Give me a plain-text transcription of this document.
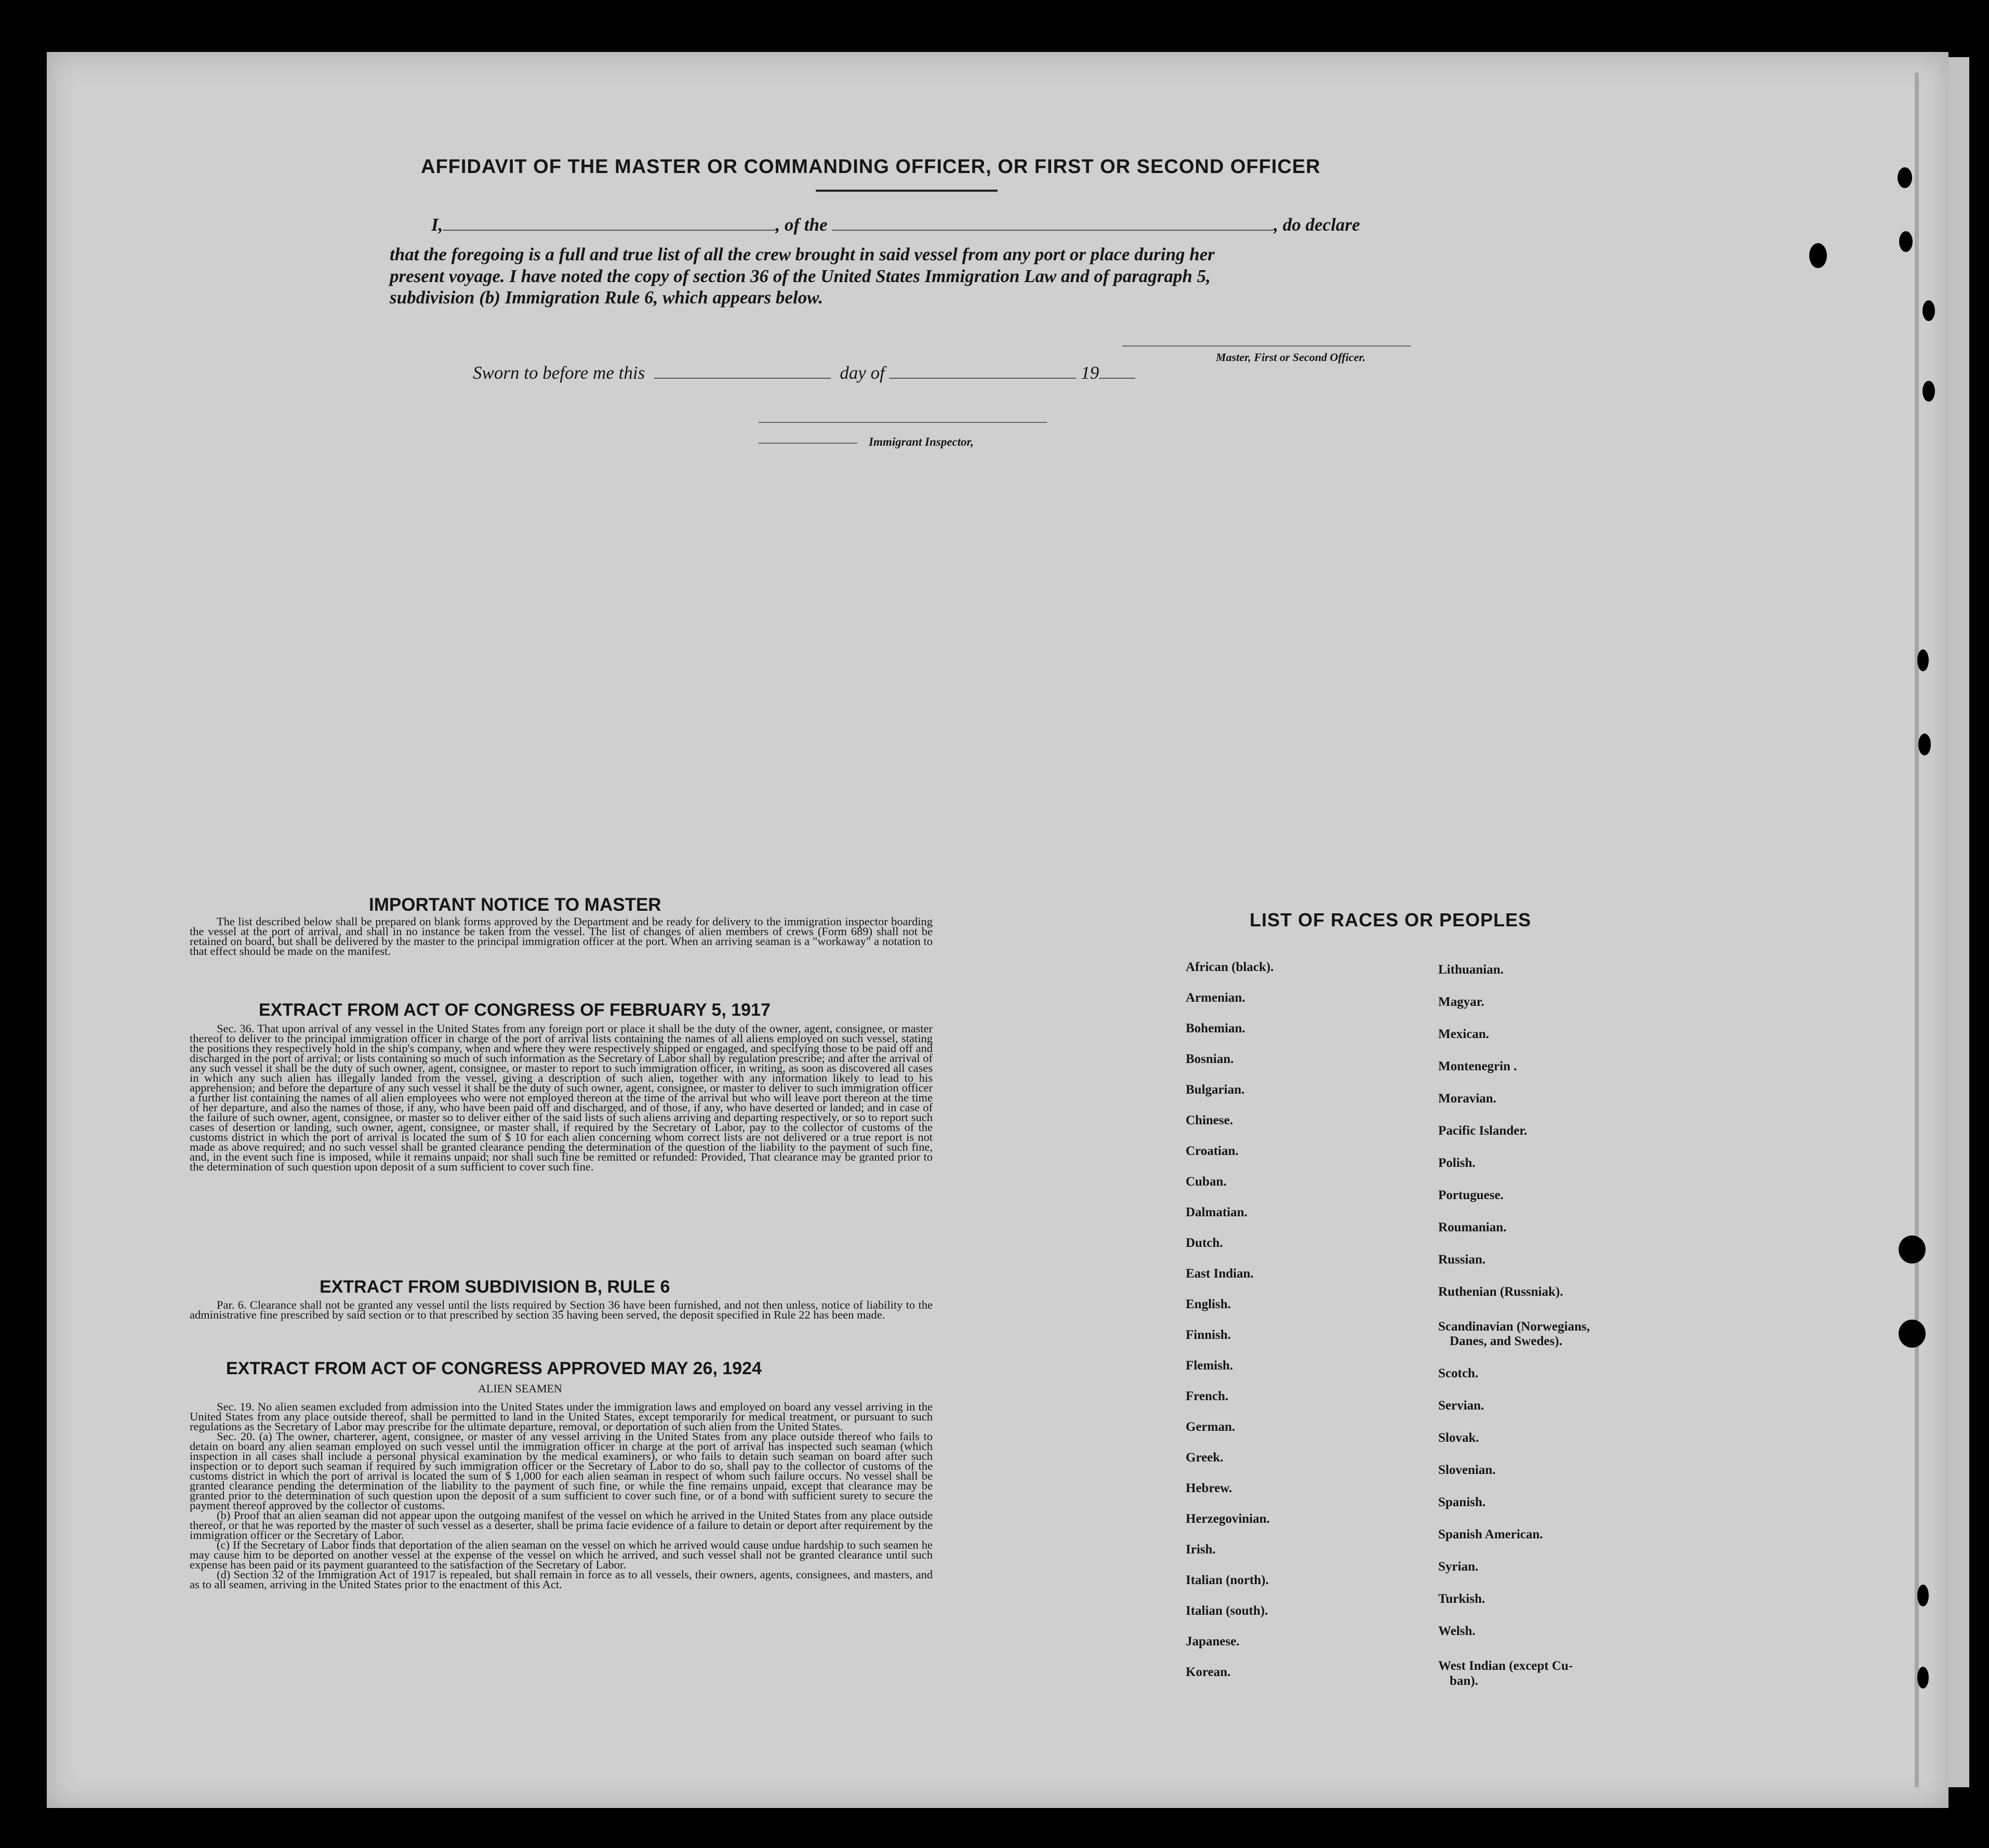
AFFIDAVIT OF THE MASTER OR COMMANDING OFFICER, OR FIRST OR SECOND OFFICER
I,	, of the	, do declare
that the foregoing is a full and true list of all the crew brought in said vessel from any port or place during her
present voyage. I have noted the copy of section 36 of the United States Immigration Law and of paragraph 5,
subdivision (b) Immigration Rule 6, which appears below.
Master, First or Second Officer.
Sworn to before me this	day of	19
Immigrant Inspector,
IMPORTANT NOTICE TO MASTER

The list described below shall be prepared on blank forms approved by the Department and be ready for delivery to the immigration inspector boarding the vessel at the port of arrival, and shall in no instance be taken from the vessel. The list of changes of alien members of crews (Form 689) shall not be retained on board, but shall be delivered by the master to the principal immigration officer at the port. When an arriving seaman is a "workaway" a notation to that effect should be made on the manifest.

EXTRACT FROM ACT OF CONGRESS OF FEBRUARY 5, 1917

Sec. 36. That upon arrival of any vessel in the United States from any foreign port or place it shall be the duty of the owner, agent, consignee, or master thereof to deliver to the principal immigration officer in charge of the port of arrival lists containing the names of all aliens employed on such vessel, stating the positions they respectively hold in the ship's company, when and where they were respectively shipped or engaged, and specifying those to be paid off and discharged in the port of arrival; or lists containing so much of such information as the Secretary of Labor shall by regulation prescribe; and after the arrival of any such vessel it shall be the duty of such owner, agent, consignee, or master to report to such immigration officer, in writing, as soon as discovered all cases in which any such alien has illegally landed from the vessel, giving a description of such alien, together with any information likely to lead to his apprehension; and before the departure of any such vessel it shall be the duty of such owner, agent, consignee, or master to deliver to such immigration officer a further list containing the names of all alien employees who were not employed thereon at the time of the arrival but who will leave port thereon at the time of her departure, and also the names of those, if any, who have been paid off and discharged, and of those, if any, who have deserted or landed; and in case of the failure of such owner, agent, consignee, or master so to deliver either of the said lists of such aliens arriving and departing respectively, or so to report such cases of desertion or landing, such owner, agent, consignee, or master shall, if required by the Secretary of Labor, pay to the collector of customs of the customs district in which the port of arrival is located the sum of $ 10 for each alien concerning whom correct lists are not delivered or a true report is not made as above required; and no such vessel shall be granted clearance pending the determination of the question of the liability to the payment of such fine, and, in the event such fine is imposed, while it remains unpaid; nor shall such fine be remitted or refunded: Provided, That clearance may be granted prior to the determination of such question upon deposit of a sum sufficient to cover such fine.

EXTRACT FROM SUBDIVISION B, RULE 6

Par. 6. Clearance shall not be granted any vessel until the lists required by Section 36 have been furnished, and not then unless, notice of liability to the administrative fine prescribed by said section or to that prescribed by section 35 having been served, the deposit specified in Rule 22 has been made.

EXTRACT FROM ACT OF CONGRESS APPROVED MAY 26, 1924
ALIEN SEAMEN

Sec. 19. No alien seamen excluded from admission into the United States under the immigration laws and employed on board any vessel arriving in the United States from any place outside thereof, shall be permitted to land in the United States, except temporarily for medical treatment, or pursuant to such regulations as the Secretary of Labor may prescribe for the ultimate departure, removal, or deportation of such alien from the United States.

Sec. 20. (a) The owner, charterer, agent, consignee, or master of any vessel arriving in the United States from any place outside thereof who fails to detain on board any alien seaman employed on such vessel until the immigration officer in charge at the port of arrival has inspected such seaman (which inspection in all cases shall include a personal physical examination by the medical examiners), or who fails to detain such seaman on board after such inspection or to deport such seaman if required by such immigration officer or the Secretary of Labor to do so, shall pay to the collector of customs of the customs district in which the port of arrival is located the sum of $ 1,000 for each alien seaman in respect of whom such failure occurs. No vessel shall be granted clearance pending the determination of the liability to the payment of such fine, or while the fine remains unpaid, except that clearance may be granted prior to the determination of such question upon the deposit of a sum sufficient to cover such fine, or of a bond with sufficient surety to secure the payment thereof approved by the collector of customs.

(b) Proof that an alien seaman did not appear upon the outgoing manifest of the vessel on which he arrived in the United States from any place outside thereof, or that he was reported by the master of such vessel as a deserter, shall be prima facie evidence of a failure to detain or deport after requirement by the immigration officer or the Secretary of Labor.

(c) If the Secretary of Labor finds that deportation of the alien seaman on the vessel on which he arrived would cause undue hardship to such seamen he may cause him to be deported on another vessel at the expense of the vessel on which he arrived, and such vessel shall not be granted clearance until such expense has been paid or its payment guaranteed to the satisfaction of the Secretary of Labor.

(d) Section 32 of the Immigration Act of 1917 is repealed, but shall remain in force as to all vessels, their owners, agents, consignees, and masters, and as to all seamen, arriving in the United States prior to the enactment of this Act.

LIST OF RACES OR PEOPLES
African (black).
Armenian.
Bohemian.
Bosnian.
Bulgarian.
Chinese.
Croatian.
Cuban.
Dalmatian.
Dutch.
East Indian.
English.
Finnish.
Flemish.
French.
German.
Greek.
Hebrew.
Herzegovinian.
Irish.
Italian (north).
Italian (south).
Japanese.
Korean.
Lithuanian.
Magyar.
Mexican.
Montenegrin .
Moravian.
Pacific Islander.
Polish.
Portuguese.
Roumanian.
Russian.
Ruthenian (Russniak).
Scandinavian (Norwegians,
Danes, and Swedes).
Scotch.
Servian.
Slovak.
Slovenian.
Spanish.
Spanish American.
Syrian.
Turkish.
Welsh.
West Indian (except Cu-
ban).
